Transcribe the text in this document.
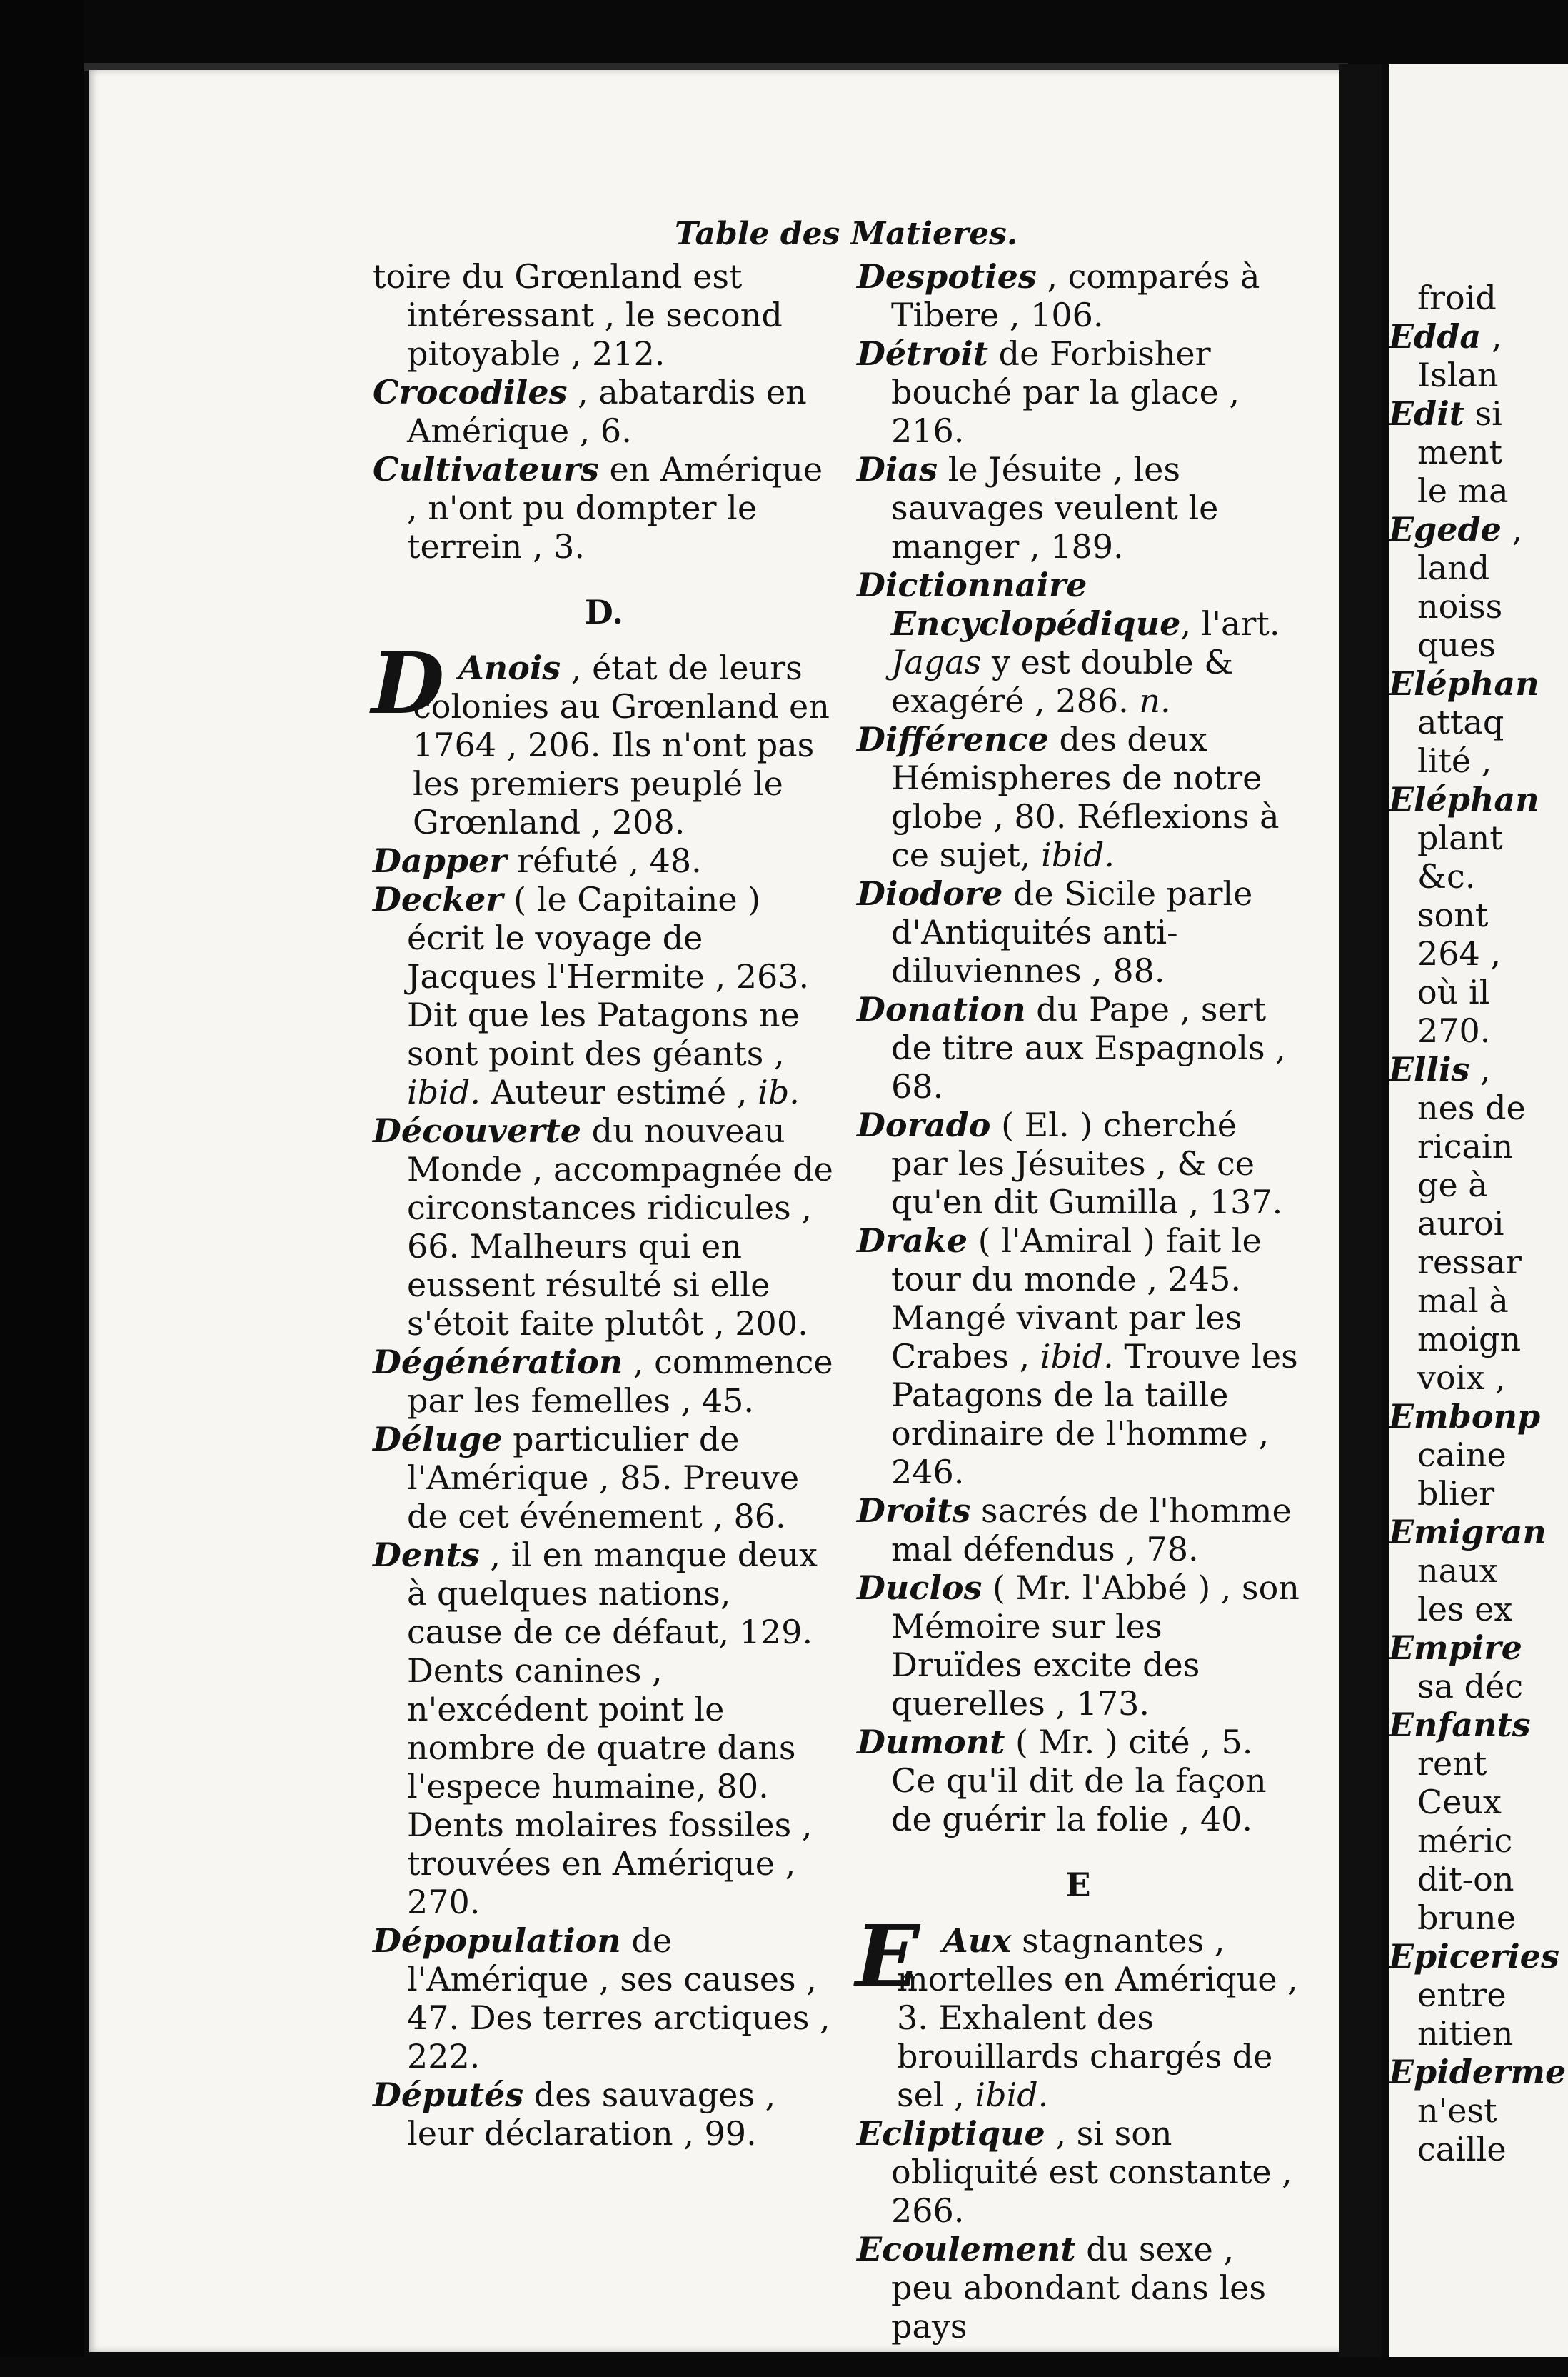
froid
Edda ,
Islan
Edit si
ment
le ma
Egede ,
land
noiss
ques
Eléphan
attaq
lité ,
Eléphan
plant
&c.
sont
264 ,
où il
270.
Ellis ,
nes de
ricain
ge à
auroi
ressar
mal à
moign
voix ,
Embonp
caine
blier
Emigran
naux
les ex
Empire
sa déc
Enfants
rent
Ceux
méric
dit-on
brune
Epiceries
entre
nitien
Epiderme
n'est
caille
Table des Matieres.
toire du Grœnland est intéressant , le second pitoyable , 212.
Crocodiles , abatardis en Amérique , 6.
Cultivateurs en Amérique , n'ont pu dompter le terrein , 3.
D.
D Anois , état de leurs colonies au Grœnland en 1764 , 206. Ils n'ont pas les premiers peuplé le Grœnland , 208.
Dapper réfuté , 48.
Decker ( le Capitaine ) écrit le voyage de Jacques l'Hermite , 263. Dit que les Patagons ne sont point des géants , ibid. Auteur estimé , ib.
Découverte du nouveau Monde , accompagnée de circonstances ridicules , 66. Malheurs qui en eussent résulté si elle s'étoit faite plutôt , 200.
Dégénération , commence par les femelles , 45.
Déluge particulier de l'Amérique , 85. Preuve de cet événement , 86.
Dents , il en manque deux à quelques nations, cause de ce défaut, 129. Dents canines , n'excédent point le nombre de quatre dans l'espece humaine, 80. Dents molaires fossiles , trouvées en Amérique , 270.
Dépopulation de l'Amérique , ses causes , 47. Des terres arctiques , 222.
Députés des sauvages , leur déclaration , 99.
Despoties , comparés à Tibere , 106.
Détroit de Forbisher bouché par la glace , 216.
Dias le Jésuite , les sauvages veulent le manger , 189.
Dictionnaire Encyclopédique, l'art. Jagas y est double & exagéré , 286. n.
Différence des deux Hémispheres de notre globe , 80. Réflexions à ce sujet, ibid.
Diodore de Sicile parle d'Antiquités anti-diluviennes , 88.
Donation du Pape , sert de titre aux Espagnols , 68.
Dorado ( El. ) cherché par les Jésuites , & ce qu'en dit Gumilla , 137.
Drake ( l'Amiral ) fait le tour du monde , 245. Mangé vivant par les Crabes , ibid. Trouve les Patagons de la taille ordinaire de l'homme , 246.
Droits sacrés de l'homme mal défendus , 78.
Duclos ( Mr. l'Abbé ) , son Mémoire sur les Druïdes excite des querelles , 173.
Dumont ( Mr. ) cité , 5. Ce qu'il dit de la façon de guérir la folie , 40.
E
E Aux stagnantes , mortelles en Amérique , 3. Exhalent des brouillards chargés de sel , ibid.
Ecliptique , si son obliquité est constante , 266.
Ecoulement du sexe , peu abondant dans les pays
